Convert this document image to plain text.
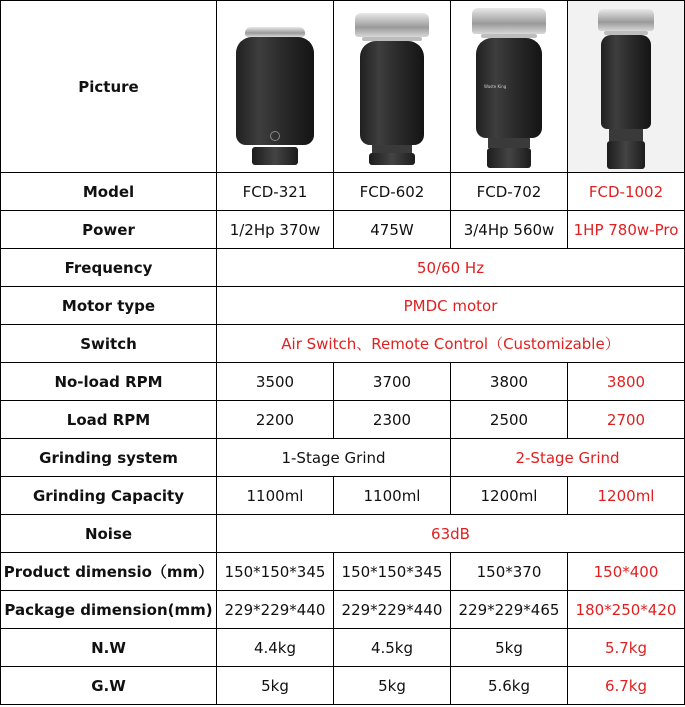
Picture			Waste King	

Model	FCD-321	FCD-602	FCD-702	FCD-1002
Power	1/2Hp 370w	475W	3/4Hp 560w	1HP 780w-Pro
Frequency	50/60 Hz			
Motor type	PMDC motor			
Switch	Air Switch、Remote Control（Customizable）			
No-load RPM	3500	3700	3800	3800
Load RPM	2200	2300	2500	2700
Grinding system	1-Stage Grind		2-Stage Grind	
Grinding Capacity	1100ml	1100ml	1200ml	1200ml
Noise	63dB			
Product dimensio（mm）	150*150*345	150*150*345	150*370	150*400
Package dimension(mm)	229*229*440	229*229*440	229*229*465	180*250*420
N.W	4.4kg	4.5kg	5kg	5.7kg
G.W	5kg	5kg	5.6kg	6.7kg
